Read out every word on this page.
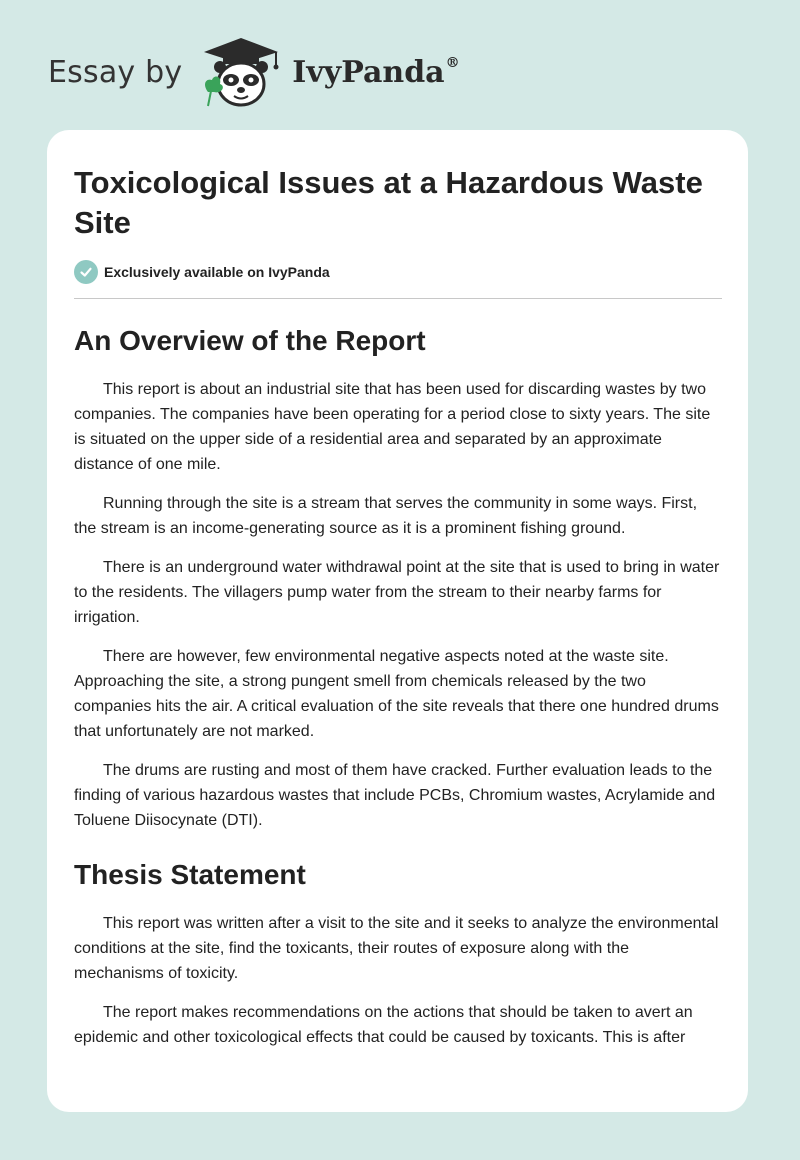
Essay by	IvyPanda®
Toxicological Issues at a Hazardous Waste Site
Exclusively available on IvyPanda
An Overview of the Report

This report is about an industrial site that has been used for discarding wastes by two companies. The companies have been operating for a period close to sixty years. The site is situated on the upper side of a residential area and separated by an approximate distance of one mile.

Running through the site is a stream that serves the community in some ways. First, the stream is an income-generating source as it is a prominent fishing ground.

There is an underground water withdrawal point at the site that is used to bring in water to the residents. The villagers pump water from the stream to their nearby farms for irrigation.

There are however, few environmental negative aspects noted at the waste site. Approaching the site, a strong pungent smell from chemicals released by the two companies hits the air. A critical evaluation of the site reveals that there one hundred drums that unfortunately are not marked.

The drums are rusting and most of them have cracked. Further evaluation leads to the finding of various hazardous wastes that include PCBs, Chromium wastes, Acrylamide and Toluene Diisocynate (DTI).

Thesis Statement

This report was written after a visit to the site and it seeks to analyze the environmental conditions at the site, find the toxicants, their routes of exposure along with the mechanisms of toxicity.

The report makes recommendations on the actions that should be taken to avert an epidemic and other toxicological effects that could be caused by toxicants. This is after
